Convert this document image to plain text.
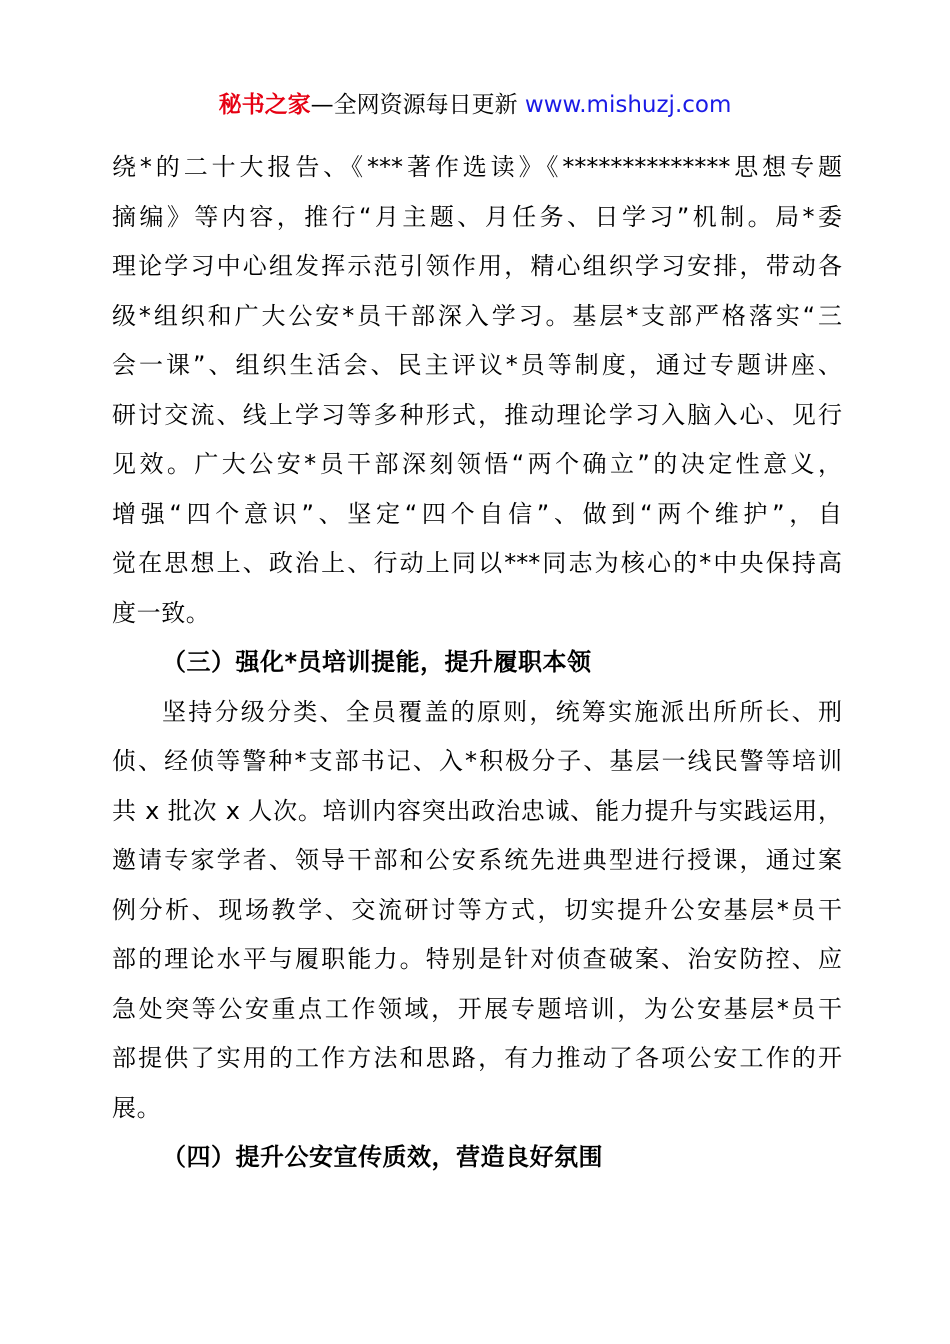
秘书之家—全网资源每日更新 www.mishuzj.com
绕*的二十大报告、《***著作选读》《**************思想专题
摘编》等内容，推行“月主题、月任务、日学习”机制。局*委
理论学习中心组发挥示范引领作用，精心组织学习安排，带动各
级*组织和广大公安*员干部深入学习。基层*支部严格落实“三
会一课”、组织生活会、民主评议*员等制度，通过专题讲座、
研讨交流、线上学习等多种形式，推动理论学习入脑入心、见行
见效。广大公安*员干部深刻领悟“两个确立”的决定性意义，
增强“四个意识”、坚定“四个自信”、做到“两个维护”，自
觉在思想上、政治上、行动上同以***同志为核心的*中央保持高
度一致。
（三）强化*员培训提能，提升履职本领
坚持分级分类、全员覆盖的原则，统筹实施派出所所长、刑
侦、经侦等警种*支部书记、入*积极分子、基层一线民警等培训
共 x 批次 x 人次。培训内容突出政治忠诚、能力提升与实践运用，
邀请专家学者、领导干部和公安系统先进典型进行授课，通过案
例分析、现场教学、交流研讨等方式，切实提升公安基层*员干
部的理论水平与履职能力。特别是针对侦查破案、治安防控、应
急处突等公安重点工作领域，开展专题培训，为公安基层*员干
部提供了实用的工作方法和思路，有力推动了各项公安工作的开
展。
（四）提升公安宣传质效，营造良好氛围
